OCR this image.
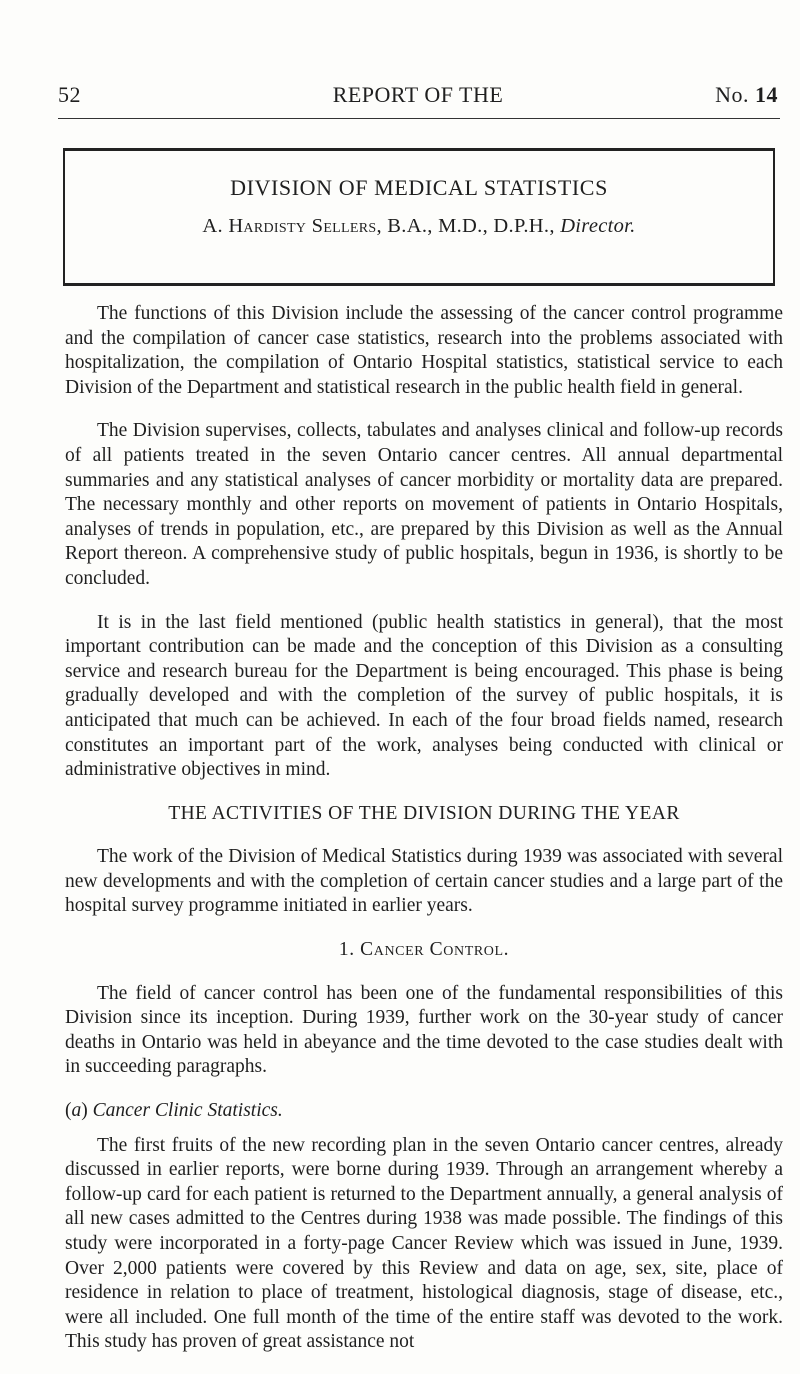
52	REPORT OF THE	No. 14
DIVISION OF MEDICAL STATISTICS
A. Hardisty Sellers, B.A., M.D., D.P.H., Director.

The functions of this Division include the assessing of the cancer control programme and the compilation of cancer case statistics, research into the problems associated with hospitalization, the compilation of Ontario Hospital statistics, statistical service to each Division of the Department and statistical research in the public health field in general.

The Division supervises, collects, tabulates and analyses clinical and follow-up records of all patients treated in the seven Ontario cancer centres. All annual departmental summaries and any statistical analyses of cancer morbidity or mortality data are prepared. The necessary monthly and other reports on movement of patients in Ontario Hospitals, analyses of trends in population, etc., are prepared by this Division as well as the Annual Report thereon. A comprehensive study of public hospitals, begun in 1936, is shortly to be concluded.

It is in the last field mentioned (public health statistics in general), that the most important contribution can be made and the conception of this Division as a consulting service and research bureau for the Department is being encouraged. This phase is being gradually developed and with the completion of the survey of public hospitals, it is anticipated that much can be achieved. In each of the four broad fields named, research constitutes an important part of the work, analyses being conducted with clinical or administrative objectives in mind.

THE ACTIVITIES OF THE DIVISION DURING THE YEAR

The work of the Division of Medical Statistics during 1939 was associated with several new developments and with the completion of certain cancer studies and a large part of the hospital survey programme initiated in earlier years.

1. Cancer Control.

The field of cancer control has been one of the fundamental responsibilities of this Division since its inception. During 1939, further work on the 30-year study of cancer deaths in Ontario was held in abeyance and the time devoted to the case studies dealt with in succeeding paragraphs.

(a) Cancer Clinic Statistics.

The first fruits of the new recording plan in the seven Ontario cancer centres, already discussed in earlier reports, were borne during 1939. Through an arrangement whereby a follow-up card for each patient is returned to the Department annually, a general analysis of all new cases admitted to the Centres during 1938 was made possible. The findings of this study were incorporated in a forty-page Cancer Review which was issued in June, 1939. Over 2,000 patients were covered by this Review and data on age, sex, site, place of residence in relation to place of treatment, histological diagnosis, stage of disease, etc., were all included. One full month of the time of the entire staff was devoted to the work. This study has proven of great assistance not
